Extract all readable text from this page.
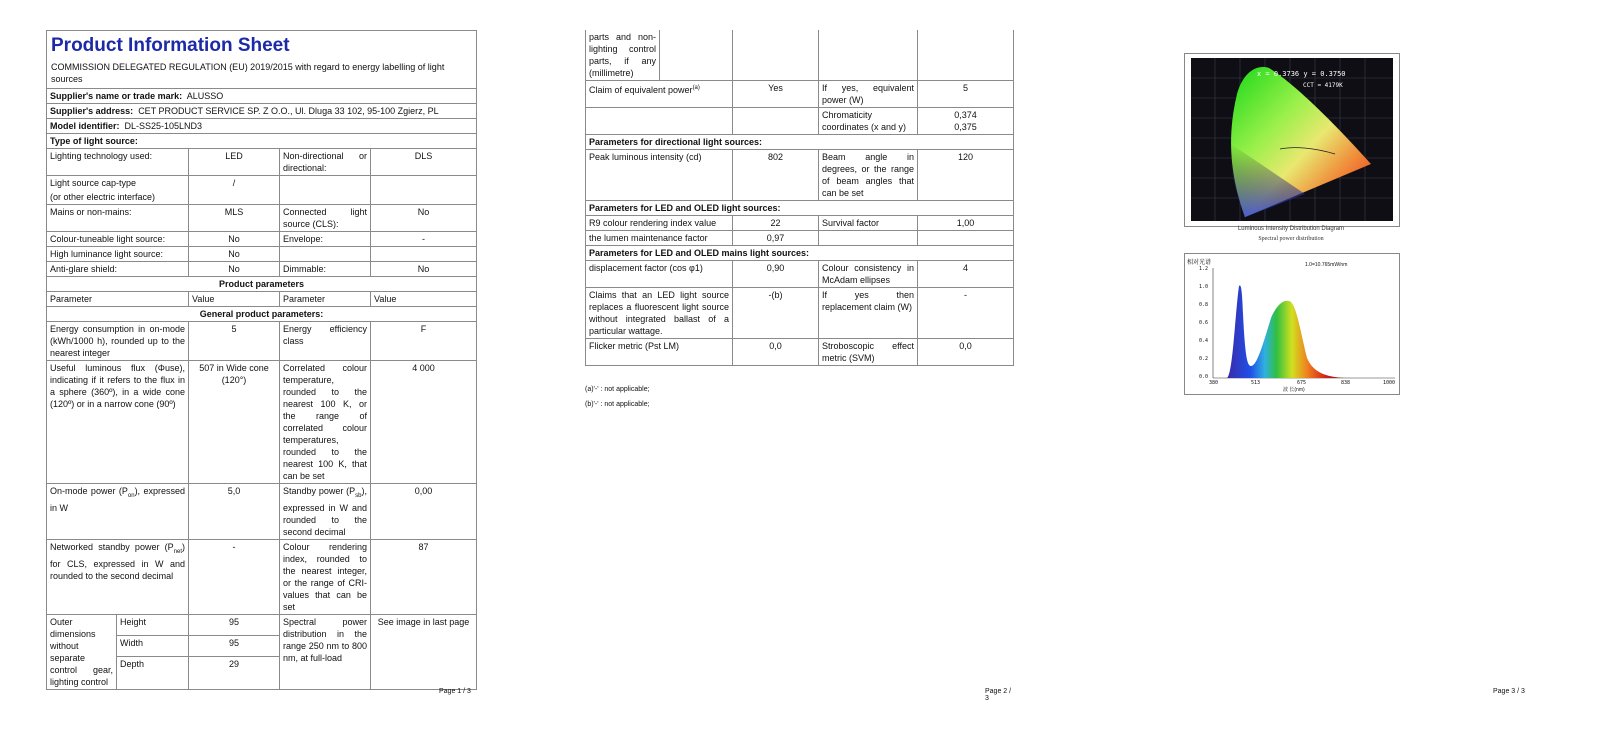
Product Information Sheet
COMMISSION DELEGATED REGULATION (EU) 2019/2015 with regard to energy labelling of light sources				

Supplier's name or trade mark: ALUSSO				
Supplier's address: CET PRODUCT SERVICE SP. Z O.O., Ul. Dluga 33 102, 95-100 Zgierz, PL				
Model identifier: DL-SS25-105LND3				
Type of light source:				
Lighting technology used:		LED	Non-directional or directional:	DLS
Light source cap-type		/		
(or other electric interface)				
Mains or non-mains:		MLS	Connected light source (CLS):	No
Colour-tuneable light source:		No	Envelope:	-
High luminance light source:		No		
Anti-glare shield:		No	Dimmable:	No
Product parameters				
Parameter		Value	Parameter	Value
General product parameters:				
Energy consumption in on-mode (kWh/1000 h), rounded up to the nearest integer		5	Energy efficiency class	F
Useful luminous flux (Φuse), indicating if it refers to the flux in a sphere (360º), in a wide cone (120º) or in a narrow cone (90º)		507 in Wide cone (120°)	Correlated colour temperature, rounded to the nearest 100 K, or the range of correlated colour temperatures, rounded to the nearest 100 K, that can be set	4 000
On-mode power $(P_{on})$, expressed in W		5,0	Standby power $(P_{sb})$, expressed in W and rounded to the second decimal	0,00
Networked standby power $(P_{net})$ for CLS, expressed in W and rounded to the second decimal		-	Colour rendering index, rounded to the nearest integer, or the range of CRI-values that can be set	87
Outer dimensions without separate control gear, lighting control	Height	95	Spectral power distribution in the range 250 nm to 800 nm, at full-load	See image in last page
	Width	95		
	Depth	29		
Page 1 / 3
parts and non-lighting control parts, if any (millimetre)				
Claim of equivalent power$^{(a)}$		Yes	If yes, equivalent power (W)	5
			Chromaticity coordinates (x and y)	0,374
0,375

Parameters for directional light sources:				
Peak luminous intensity (cd)		802	Beam angle in degrees, or the range of beam angles that can be set	120
Parameters for LED and OLED light sources:				
R9 colour rendering index value		22	Survival factor	1,00
the lumen maintenance factor		0,97		
Parameters for LED and OLED mains light sources:				
displacement factor (cos φ1)		0,90	Colour consistency in McAdam ellipses	4
Claims that an LED light source replaces a fluorescent light source without integrated ballast of a particular wattage.		-(b)	If yes then replacement claim (W)	-
Flicker metric (Pst LM)		0,0	Stroboscopic effect metric (SVM)	0,0
(a)'-' : not applicable;
(b)'-' : not applicable;
Page 2 / 3
x = 0.3736 y = 0.3750
CCT = 4179K
Luminous Intensity Distribution Diagram
Spectral power distribution
相对光谱	1.0=10.765mW/nm
1.2
1.0
0.8
0.6
0.4
0.2
0.0
380	513	675	838	1000
波 长(nm)
Page 3 / 3
